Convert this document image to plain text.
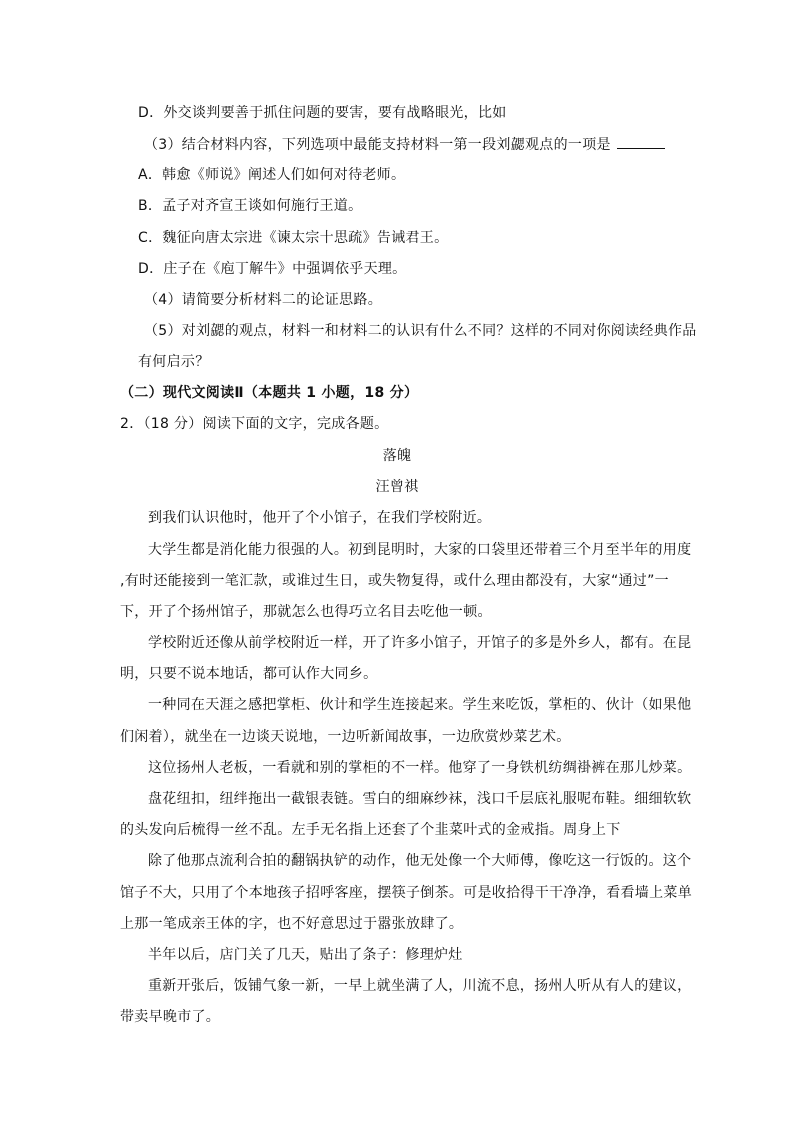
D．外交谈判要善于抓住问题的要害，要有战略眼光，比如
（3）结合材料内容，下列选项中最能支持材料一第一段刘勰观点的一项是
A．韩愈《师说》阐述人们如何对待老师。
B．孟子对齐宣王谈如何施行王道。
C．魏征向唐太宗进《谏太宗十思疏》告诫君王。
D．庄子在《庖丁解牛》中强调依乎天理。
（4）请简要分析材料二的论证思路。
（5）对刘勰的观点，材料一和材料二的认识有什么不同？这样的不同对你阅读经典作品
有何启示？
（二）现代文阅读Ⅱ（本题共 1 小题，18 分）
2．（18 分）阅读下面的文字，完成各题。
落魄
汪曾祺
到我们认识他时，他开了个小馆子，在我们学校附近。
大学生都是消化能力很强的人。初到昆明时，大家的口袋里还带着三个月至半年的用度
,有时还能接到一笔汇款，或谁过生日，或失物复得，或什么理由都没有，大家“通过”一
下，开了个扬州馆子，那就怎么也得巧立名目去吃他一顿。
学校附近还像从前学校附近一样，开了许多小馆子，开馆子的多是外乡人，都有。在昆
明，只要不说本地话，都可认作大同乡。
一种同在天涯之感把掌柜、伙计和学生连接起来。学生来吃饭，掌柜的、伙计（如果他
们闲着），就坐在一边谈天说地，一边听新闻故事，一边欣赏炒菜艺术。
这位扬州人老板，一看就和别的掌柜的不一样。他穿了一身铁机纺绸褂裤在那儿炒菜。
盘花纽扣，纽绊拖出一截银表链。雪白的细麻纱袜，浅口千层底礼服呢布鞋。细细软软
的头发向后梳得一丝不乱。左手无名指上还套了个韭菜叶式的金戒指。周身上下
除了他那点流利合拍的翻锅执铲的动作，他无处像一个大师傅，像吃这一行饭的。这个
馆子不大，只用了个本地孩子招呼客座，摆筷子倒茶。可是收拾得干干净净，看看墙上菜单
上那一笔成亲王体的字，也不好意思过于嚣张放肆了。
半年以后，店门关了几天，贴出了条子：修理炉灶
重新开张后，饭铺气象一新，一早上就坐满了人，川流不息，扬州人听从有人的建议，
带卖早晚市了。
